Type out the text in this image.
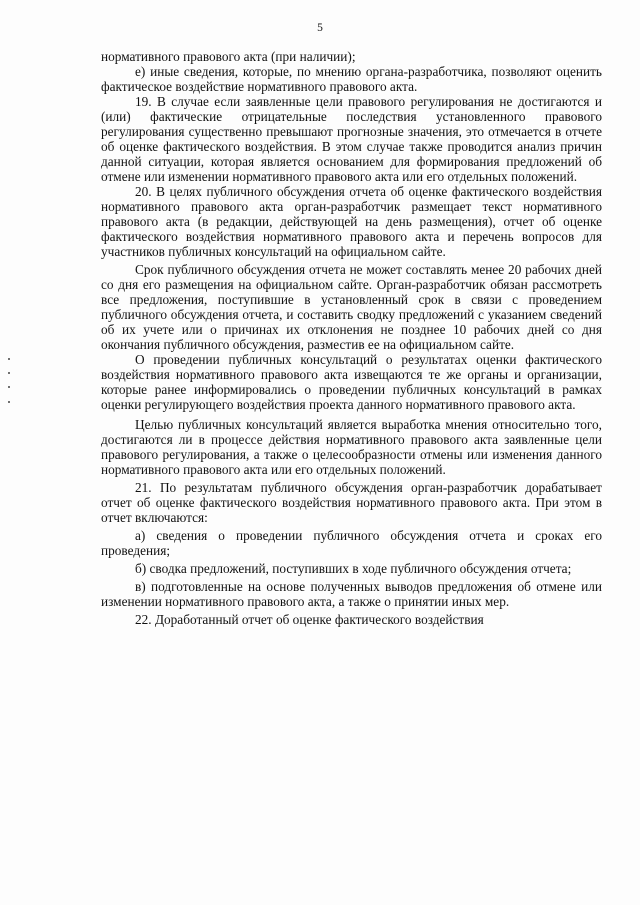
5

нормативного правового акта (при наличии);

е) иные сведения, которые, по мнению органа-разработчика, позволяют оценить фактическое воздействие нормативного правового акта.

19. В случае если заявленные цели правового регулирования не достигаются и (или) фактические отрицательные последствия установленного правового регулирования существенно превышают прогнозные значения, это отмечается в отчете об оценке фактического воздействия. В этом случае также проводится анализ причин данной ситуации, которая является основанием для формирования предложений об отмене или изменении нормативного правового акта или его отдельных положений.

20. В целях публичного обсуждения отчета об оценке фактического воздействия нормативного правового акта орган-разработчик размещает текст нормативного правового акта (в редакции, действующей на день размещения), отчет об оценке фактического воздействия нормативного правового акта и перечень вопросов для участников публичных консультаций на официальном сайте.

Срок публичного обсуждения отчета не может составлять менее 20 рабочих дней со дня его размещения на официальном сайте. Орган-разработчик обязан рассмотреть все предложения, поступившие в установленный срок в связи с проведением публичного обсуждения отчета, и составить сводку предложений с указанием сведений об их учете или о причинах их отклонения не позднее 10 рабочих дней со дня окончания публичного обсуждения, разместив ее на официальном сайте.

О проведении публичных консультаций о результатах оценки фактического воздействия нормативного правового акта извещаются те же органы и организации, которые ранее информировались о проведении публичных консультаций в рамках оценки регулирующего воздействия проекта данного нормативного правового акта.

Целью публичных консультаций является выработка мнения относительно того, достигаются ли в процессе действия нормативного правового акта заявленные цели правового регулирования, а также о целесообразности отмены или изменения данного нормативного правового акта или его отдельных положений.

21. По результатам публичного обсуждения орган-разработчик дорабатывает отчет об оценке фактического воздействия нормативного правового акта. При этом в отчет включаются:

а) сведения о проведении публичного обсуждения отчета и сроках его проведения;

б) сводка предложений, поступивших в ходе публичного обсуждения отчета;

в) подготовленные на основе полученных выводов предложения об отмене или изменении нормативного правового акта, а также о принятии иных мер.

22. Доработанный отчет об оценке фактического воздействия
